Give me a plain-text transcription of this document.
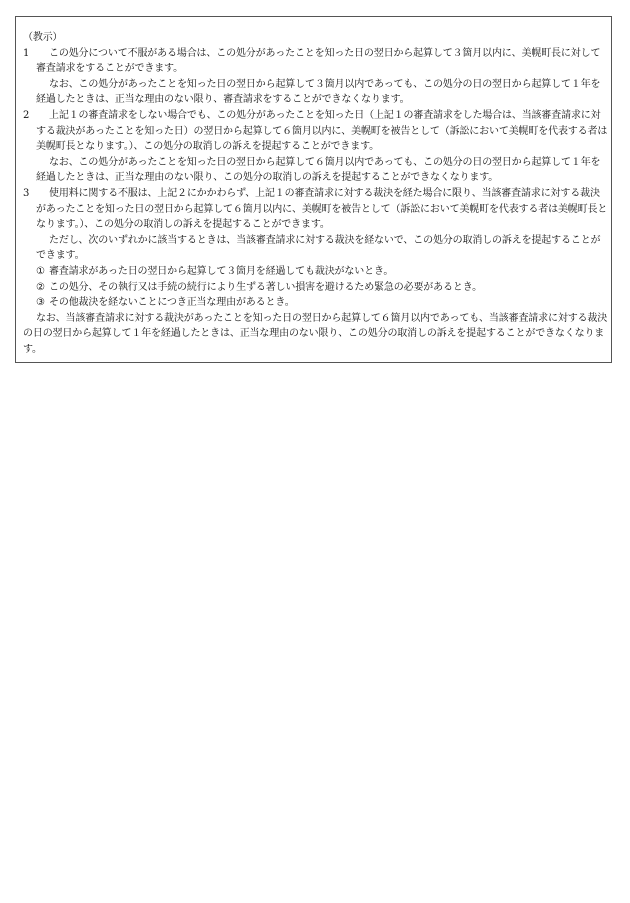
（教示）
1	この処分について不服がある場合は、この処分があったことを知った日の翌日から起算して３箇月以内に、美幌町長に対して審査請求をすることができます。
なお、この処分があったことを知った日の翌日から起算して３箇月以内であっても、この処分の日の翌日から起算して１年を経過したときは、正当な理由のない限り、審査請求をすることができなくなります。
2	上記１の審査請求をしない場合でも、この処分があったことを知った日（上記１の審査請求をした場合は、当該審査請求に対する裁決があったことを知った日）の翌日から起算して６箇月以内に、美幌町を被告として（訴訟において美幌町を代表する者は美幌町長となります。）、この処分の取消しの訴えを提起することができます。
なお、この処分があったことを知った日の翌日から起算して６箇月以内であっても、この処分の日の翌日から起算して１年を経過したときは、正当な理由のない限り、この処分の取消しの訴えを提起することができなくなります。
3	使用料に関する不服は、上記２にかかわらず、上記１の審査請求に対する裁決を経た場合に限り、当該審査請求に対する裁決があったことを知った日の翌日から起算して６箇月以内に、美幌町を被告として（訴訟において美幌町を代表する者は美幌町長となります。）、この処分の取消しの訴えを提起することができます。
ただし、次のいずれかに該当するときは、当該審査請求に対する裁決を経ないで、この処分の取消しの訴えを提起することができます。
① 審査請求があった日の翌日から起算して３箇月を経過しても裁決がないとき。
② この処分、その執行又は手続の続行により生ずる著しい損害を避けるため緊急の必要があるとき。
③ その他裁決を経ないことにつき正当な理由があるとき。
なお、当該審査請求に対する裁決があったことを知った日の翌日から起算して６箇月以内であっても、当該審査請求に対する裁決の日の翌日から起算して１年を経過したときは、正当な理由のない限り、この処分の取消しの訴えを提起することができなくなります。
